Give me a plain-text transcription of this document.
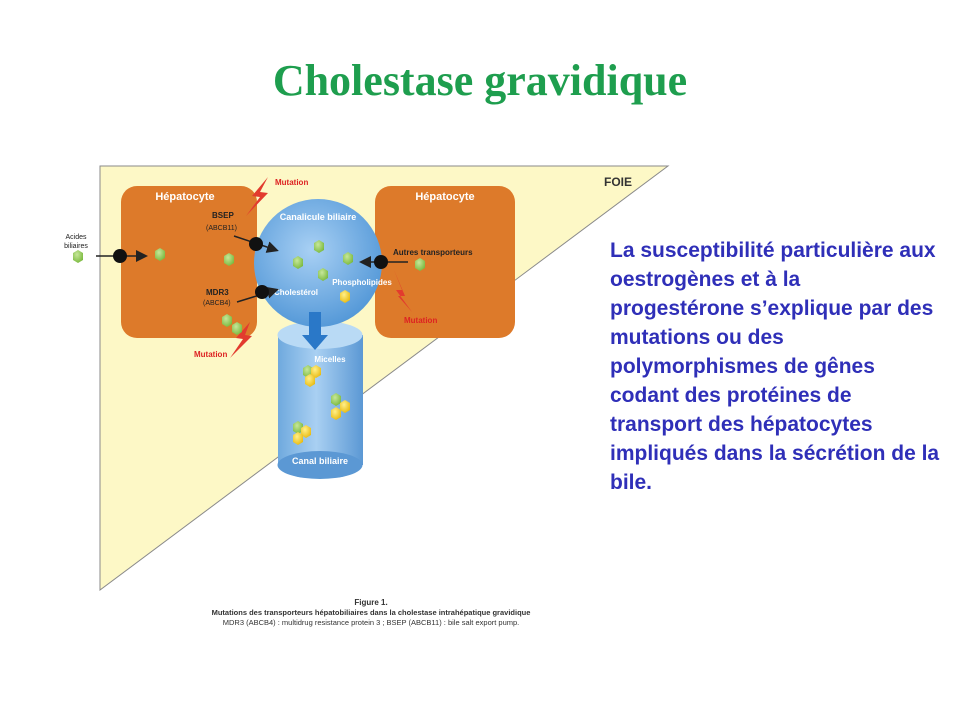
Cholestase gravidique
FOIE
Hépatocyte	Hépatocyte
Canal biliaire
Micelles
Canalicule biliaire
Cholestérol
Phospholipides
BSEP
(ABCB11)
MDR3
(ABCB4)
Autres transporteurs
Acides
biliaires
Mutation
Mutation
Mutation
Figure 1.
Mutations des transporteurs hépatobiliaires dans la cholestase intrahépatique gravidique
MDR3 (ABCB4) : multidrug resistance protein 3 ; BSEP (ABCB11) : bile salt export pump.

La susceptibilité particulière aux oestrogènes et à la progestérone s’explique par des mutations ou des polymorphismes de gênes codant des protéines de transport des hépatocytes impliqués dans la sécrétion de la bile.
